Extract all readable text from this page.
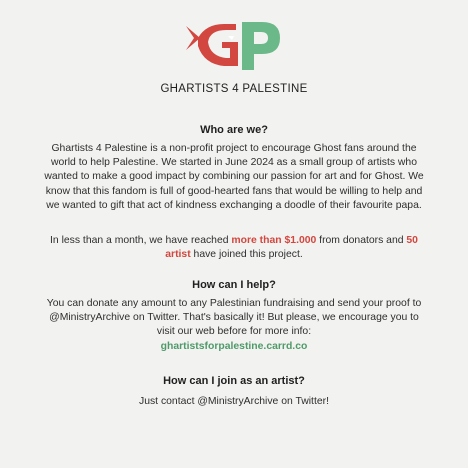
GHARTISTS 4 PALESTINE
Who are we?
Ghartists 4 Palestine is a non-profit project to encourage Ghost fans around the world to help Palestine. We started in June 2024 as a small group of artists who wanted to make a good impact by combining our passion for art and for Ghost. We know that this fandom is full of good-hearted fans that would be willing to help and we wanted to gift that act of kindness exchanging a doodle of their favourite papa.
In less than a month, we have reached more than $1.000 from donators and 50 artist have joined this project.
How can I help?
You can donate any amount to any Palestinian fundraising and send your proof to @MinistryArchive on Twitter. That's basically it! But please, we encourage you to visit our web before for more info:
ghartistsforpalestine.carrd.co
How can I join as an artist?
Just contact @MinistryArchive on Twitter!
